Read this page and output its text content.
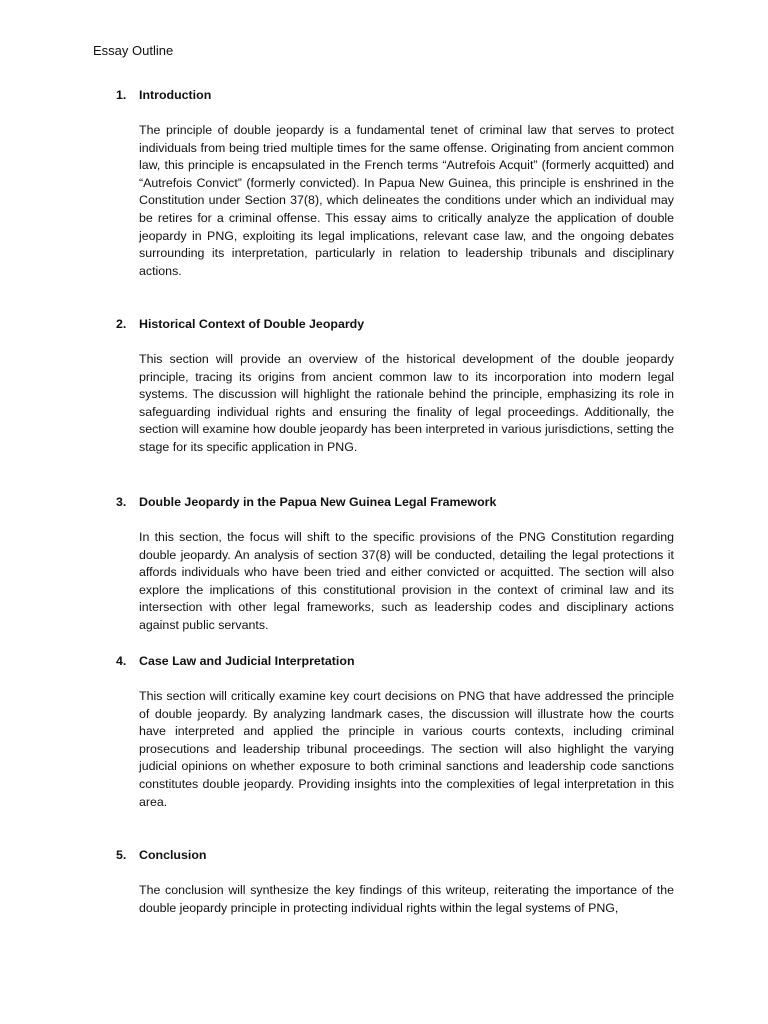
Essay Outline
1.	Introduction
The principle of double jeopardy is a fundamental tenet of criminal law that serves to protect individuals from being tried multiple times for the same offense. Originating from ancient common law, this principle is encapsulated in the French terms “Autrefois Acquit” (formerly acquitted) and “Autrefois Convict” (formerly convicted). In Papua New Guinea, this principle is enshrined in the Constitution under Section 37(8), which delineates the conditions under which an individual may be retires for a criminal offense. This essay aims to critically analyze the application of double jeopardy in PNG, exploiting its legal implications, relevant case law, and the ongoing debates surrounding its interpretation, particularly in relation to leadership tribunals and disciplinary actions.
2.	Historical Context of Double Jeopardy
This section will provide an overview of the historical development of the double jeopardy principle, tracing its origins from ancient common law to its incorporation into modern legal systems. The discussion will highlight the rationale behind the principle, emphasizing its role in safeguarding individual rights and ensuring the finality of legal proceedings. Additionally, the section will examine how double jeopardy has been interpreted in various jurisdictions, setting the stage for its specific application in PNG.
3.	Double Jeopardy in the Papua New Guinea Legal Framework
In this section, the focus will shift to the specific provisions of the PNG Constitution regarding double jeopardy. An analysis of section 37(8) will be conducted, detailing the legal protections it affords individuals who have been tried and either convicted or acquitted. The section will also explore the implications of this constitutional provision in the context of criminal law and its intersection with other legal frameworks, such as leadership codes and disciplinary actions against public servants.
4.	Case Law and Judicial Interpretation
This section will critically examine key court decisions on PNG that have addressed the principle of double jeopardy. By analyzing landmark cases, the discussion will illustrate how the courts have interpreted and applied the principle in various courts contexts, including criminal prosecutions and leadership tribunal proceedings. The section will also highlight the varying judicial opinions on whether exposure to both criminal sanctions and leadership code sanctions constitutes double jeopardy. Providing insights into the complexities of legal interpretation in this area.
5.	Conclusion
The conclusion will synthesize the key findings of this writeup, reiterating the importance of the double jeopardy principle in protecting individual rights within the legal systems of PNG,
